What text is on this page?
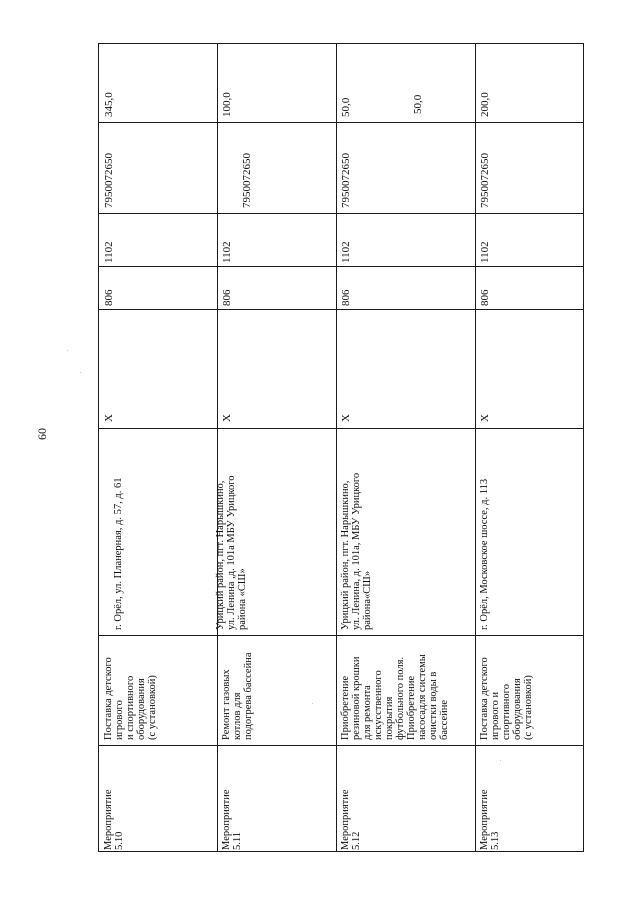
60
Мероприятие 5.10
Поставка детского
игрового
и спортивного
оборудования
(с установкой)
г. Орёл, ул. Планерная, д. 57, д. 61
Х
806
1102
7950072650
345,0
Мероприятие 5.11
Ремонт газовых
котлов для
подогрева бассейна
Урицкий район, пгт. Нарышкино,
ул. Ленина ,д. 101а МБУ Урицкого
района «СШ»
Х
806
1102
7950072650
100,0
Мероприятие
5.12
Приобретение
резиновой крошки
для ремонта
искусственного
покрытия
футбольного поля.
Приобретение
насосадля системы
очистки воды в
бассейне
Урицкий район, пгт. Нарышкино,
ул. Ленина, д. 101а, МБУ Урицкого
района«СШ»
Х
806
1102
7950072650
50,0	50,0
Мероприятие
5.13
Поставка детского
игрового и
спортивного
оборудования
(с установкой)
г. Орёл, Московское шоссе, д. 113
Х
806
1102
7950072650
200,0
